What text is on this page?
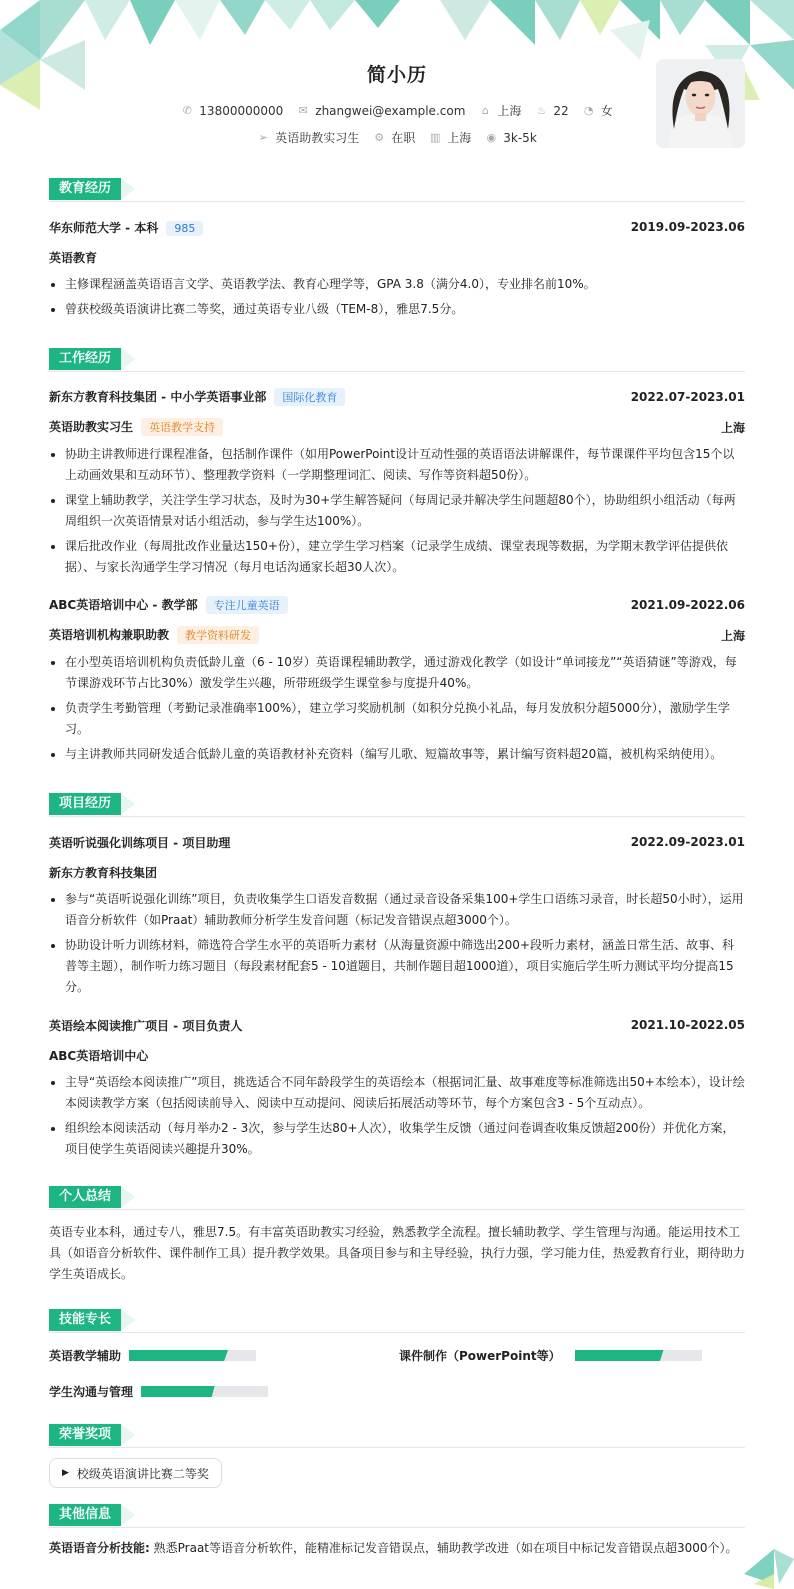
简小历
✆ 13800000000 ✉ zhangwei@example.com ⌂ 上海 ♨ 22 ◔ 女
➢ 英语助教实习生 ⚙ 在职 ▥ 上海 ◉ 3k-5k
教育经历
华东师范大学 - 本科 985	2019.09-2023.06
英语教育
主修课程涵盖英语语言文学、英语教学法、教育心理学等，GPA 3.8（满分4.0），专业排名前10%。
曾获校级英语演讲比赛二等奖，通过英语专业八级（TEM-8），雅思7.5分。
工作经历
新东方教育科技集团 - 中小学英语事业部 国际化教育	2022.07-2023.01
英语助教实习生 英语教学支持	上海
协助主讲教师进行课程准备，包括制作课件（如用PowerPoint设计互动性强的英语语法讲解课件，每节课课件平均包含15个以上动画效果和互动环节）、整理教学资料（一学期整理词汇、阅读、写作等资料超50份）。
课堂上辅助教学，关注学生学习状态，及时为30+学生解答疑问（每周记录并解决学生问题超80个），协助组织小组活动（每两周组织一次英语情景对话小组活动，参与学生达100%）。
课后批改作业（每周批改作业量达150+份），建立学生学习档案（记录学生成绩、课堂表现等数据，为学期末教学评估提供依据）、与家长沟通学生学习情况（每月电话沟通家长超30人次）。
ABC英语培训中心 - 教学部 专注儿童英语	2021.09-2022.06
英语培训机构兼职助教 教学资料研发	上海
在小型英语培训机构负责低龄儿童（6 - 10岁）英语课程辅助教学，通过游戏化教学（如设计“单词接龙”“英语猜谜”等游戏，每节课游戏环节占比30%）激发学生兴趣，所带班级学生课堂参与度提升40%。
负责学生考勤管理（考勤记录准确率100%），建立学习奖励机制（如积分兑换小礼品，每月发放积分超5000分），激励学生学习。
与主讲教师共同研发适合低龄儿童的英语教材补充资料（编写儿歌、短篇故事等，累计编写资料超20篇，被机构采纳使用）。
项目经历
英语听说强化训练项目 - 项目助理	2022.09-2023.01
新东方教育科技集团
参与“英语听说强化训练”项目，负责收集学生口语发音数据（通过录音设备采集100+学生口语练习录音，时长超50小时），运用语音分析软件（如Praat）辅助教师分析学生发音问题（标记发音错误点超3000个）。
协助设计听力训练材料，筛选符合学生水平的英语听力素材（从海量资源中筛选出200+段听力素材，涵盖日常生活、故事、科普等主题），制作听力练习题目（每段素材配套5 - 10道题目，共制作题目超1000道），项目实施后学生听力测试平均分提高15分。
英语绘本阅读推广项目 - 项目负责人	2021.10-2022.05
ABC英语培训中心
主导“英语绘本阅读推广”项目，挑选适合不同年龄段学生的英语绘本（根据词汇量、故事难度等标准筛选出50+本绘本），设计绘本阅读教学方案（包括阅读前导入、阅读中互动提问、阅读后拓展活动等环节，每个方案包含3 - 5个互动点）。
组织绘本阅读活动（每月举办2 - 3次，参与学生达80+人次），收集学生反馈（通过问卷调查收集反馈超200份）并优化方案，项目使学生英语阅读兴趣提升30%。
个人总结
英语专业本科，通过专八，雅思7.5。有丰富英语助教实习经验，熟悉教学全流程。擅长辅助教学、学生管理与沟通。能运用技术工具（如语音分析软件、课件制作工具）提升教学效果。具备项目参与和主导经验，执行力强，学习能力佳，热爱教育行业，期待助力学生英语成长。
技能专长
英语教学辅助	课件制作（PowerPoint等）
学生沟通与管理
荣誉奖项
▶ 校级英语演讲比赛二等奖
其他信息
英语语音分析技能: 熟悉Praat等语音分析软件，能精准标记发音错误点，辅助教学改进（如在项目中标记发音错误点超3000个）。
